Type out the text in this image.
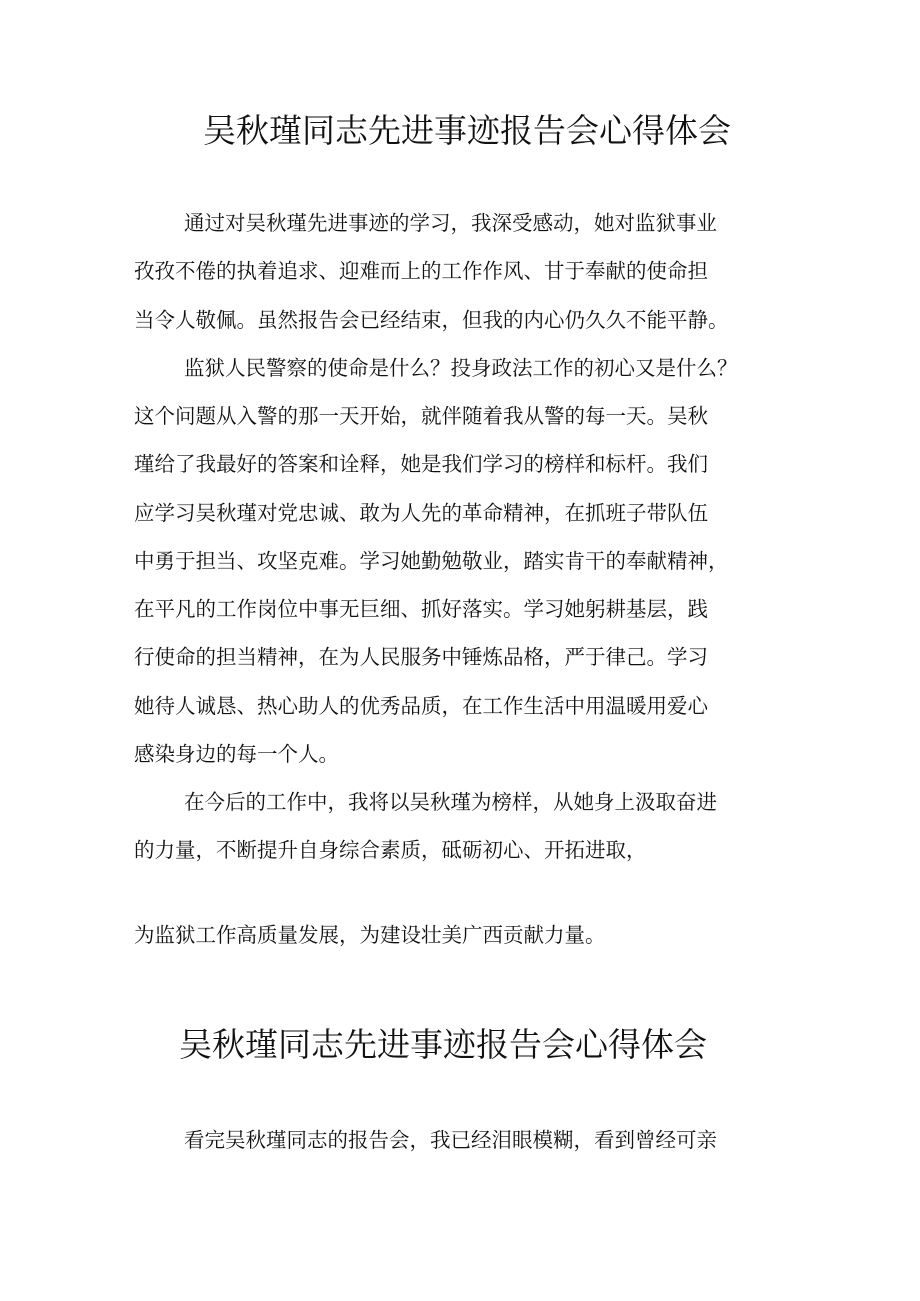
吴秋瑾同志先进事迹报告会心得体会

通过对吴秋瑾先进事迹的学习，我深受感动，她对监狱事业

孜孜不倦的执着追求、迎难而上的工作作风、甘于奉献的使命担

当令人敬佩。虽然报告会已经结束，但我的内心仍久久不能平静。

监狱人民警察的使命是什么？投身政法工作的初心又是什么？

这个问题从入警的那一天开始，就伴随着我从警的每一天。吴秋

瑾给了我最好的答案和诠释，她是我们学习的榜样和标杆。我们

应学习吴秋瑾对党忠诚、敢为人先的革命精神，在抓班子带队伍

中勇于担当、攻坚克难。学习她勤勉敬业，踏实肯干的奉献精神，

在平凡的工作岗位中事无巨细、抓好落实。学习她躬耕基层，践

行使命的担当精神，在为人民服务中锤炼品格，严于律己。学习

她待人诚恳、热心助人的优秀品质，在工作生活中用温暖用爱心

感染身边的每一个人。

在今后的工作中，我将以吴秋瑾为榜样，从她身上汲取奋进

的力量，不断提升自身综合素质，砥砺初心、开拓进取，

为监狱工作高质量发展，为建设壮美广西贡献力量。

吴秋瑾同志先进事迹报告会心得体会

看完吴秋瑾同志的报告会，我已经泪眼模糊，看到曾经可亲
